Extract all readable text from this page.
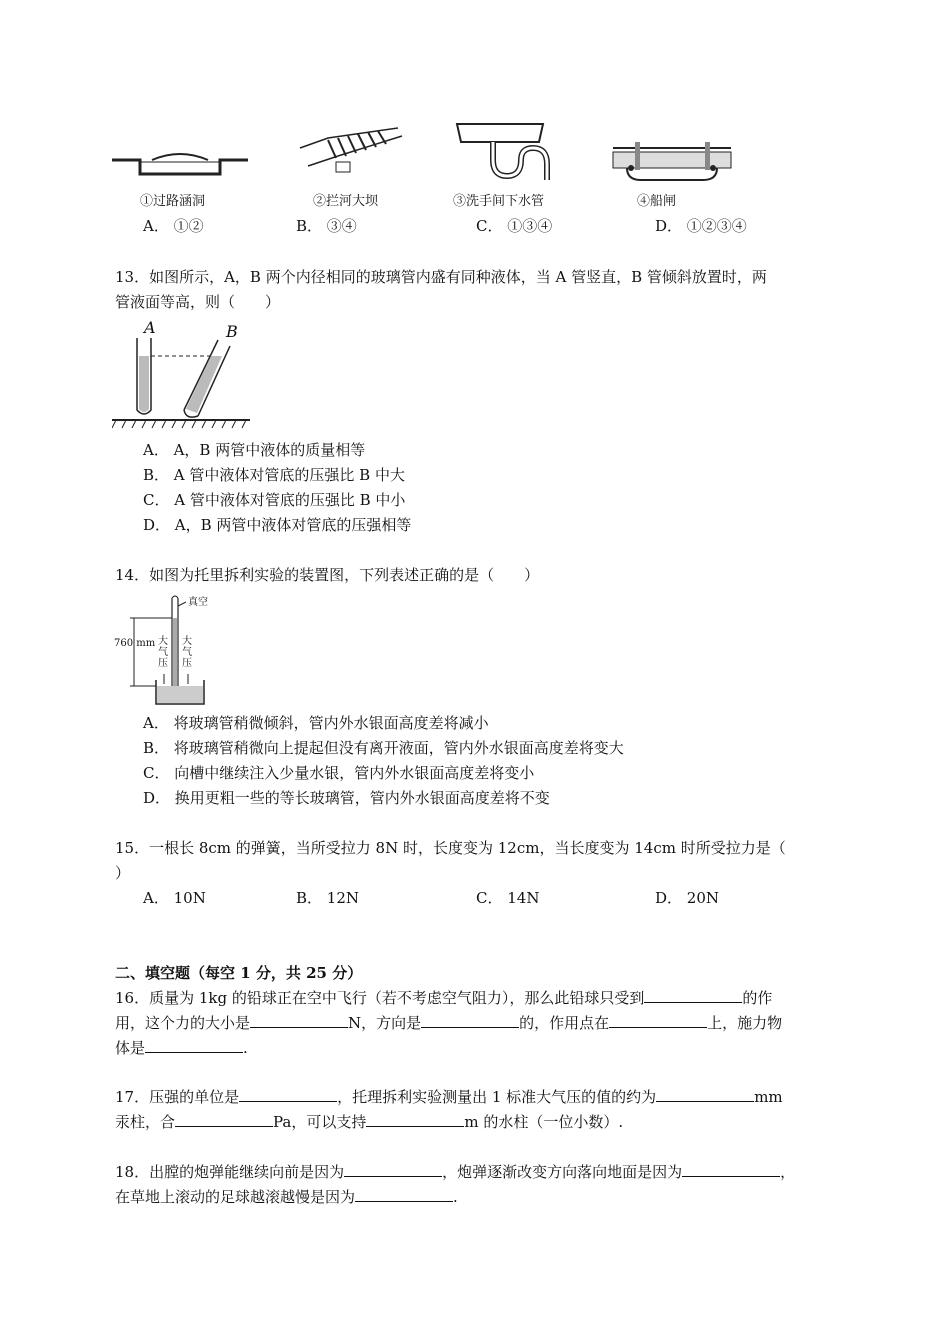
①过路涵洞	②拦河大坝	③洗手间下水管	④船闸
A． ①②	B． ③④	C． ①③④	D． ①②③④
13．如图所示，A，B 两个内径相同的玻璃管内盛有同种液体，当 A 管竖直，B 管倾斜放置时，两
管液面等高，则（　　）
A	B
A． A，B 两管中液体的质量相等
B． A 管中液体对管底的压强比 B 中大
C． A 管中液体对管底的压强比 B 中小
D． A，B 两管中液体对管底的压强相等
14．如图为托里拆利实验的装置图，下列表述正确的是（　　）
真空
760 mm 大气压
大气压
A． 将玻璃管稍微倾斜，管内外水银面高度差将减小
B． 将玻璃管稍微向上提起但没有离开液面，管内外水银面高度差将变大
C． 向槽中继续注入少量水银，管内外水银面高度差将变小
D． 换用更粗一些的等长玻璃管，管内外水银面高度差将不变
15．一根长 8cm 的弹簧，当所受拉力 8N 时，长度变为 12cm，当长度变为 14cm 时所受拉力是（
）
A． 10N	B． 12N	C． 14N	D． 20N
二、填空题（每空 1 分，共 25 分）
16．质量为 1kg 的铅球正在空中飞行（若不考虑空气阻力），那么此铅球只受到	的作
用，这个力的大小是	N，方向是	的，作用点在	上，施力物
体是	.
17．压强的单位是	，托理拆利实验测量出 1 标准大气压的值的约为	mm
汞柱，合	Pa，可以支持	m 的水柱（一位小数）.
18．出膛的炮弹能继续向前是因为	，炮弹逐渐改变方向落向地面是因为	，
在草地上滚动的足球越滚越慢是因为	.
